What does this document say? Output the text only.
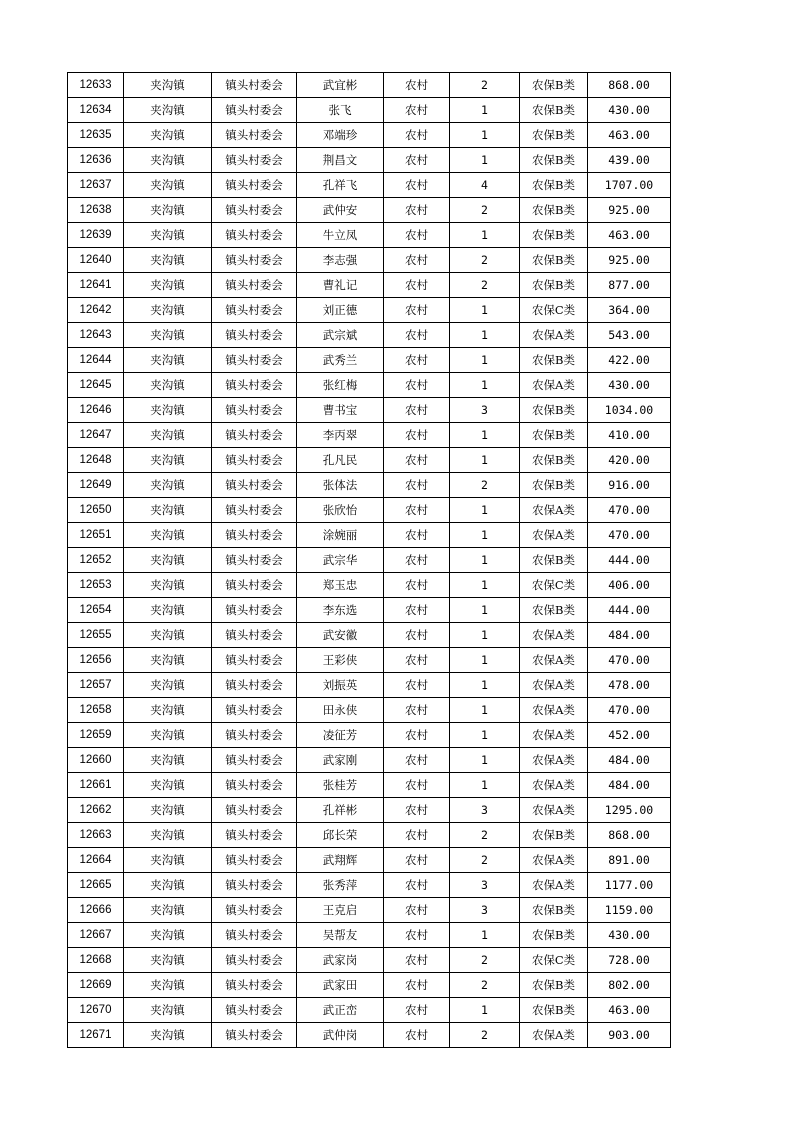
12633	夹沟镇	镇头村委会	武宜彬	农村	2	农保B类	868.00
12634	夹沟镇	镇头村委会	张飞	农村	1	农保B类	430.00
12635	夹沟镇	镇头村委会	邓端珍	农村	1	农保B类	463.00
12636	夹沟镇	镇头村委会	荆昌文	农村	1	农保B类	439.00
12637	夹沟镇	镇头村委会	孔祥飞	农村	4	农保B类	1707.00
12638	夹沟镇	镇头村委会	武仲安	农村	2	农保B类	925.00
12639	夹沟镇	镇头村委会	牛立凤	农村	1	农保B类	463.00
12640	夹沟镇	镇头村委会	李志强	农村	2	农保B类	925.00
12641	夹沟镇	镇头村委会	曹礼记	农村	2	农保B类	877.00
12642	夹沟镇	镇头村委会	刘正德	农村	1	农保C类	364.00
12643	夹沟镇	镇头村委会	武宗斌	农村	1	农保A类	543.00
12644	夹沟镇	镇头村委会	武秀兰	农村	1	农保B类	422.00
12645	夹沟镇	镇头村委会	张红梅	农村	1	农保A类	430.00
12646	夹沟镇	镇头村委会	曹书宝	农村	3	农保B类	1034.00
12647	夹沟镇	镇头村委会	李丙翠	农村	1	农保B类	410.00
12648	夹沟镇	镇头村委会	孔凡民	农村	1	农保B类	420.00
12649	夹沟镇	镇头村委会	张体法	农村	2	农保B类	916.00
12650	夹沟镇	镇头村委会	张欣怡	农村	1	农保A类	470.00
12651	夹沟镇	镇头村委会	涂婉丽	农村	1	农保A类	470.00
12652	夹沟镇	镇头村委会	武宗华	农村	1	农保B类	444.00
12653	夹沟镇	镇头村委会	郑玉忠	农村	1	农保C类	406.00
12654	夹沟镇	镇头村委会	李东选	农村	1	农保B类	444.00
12655	夹沟镇	镇头村委会	武安徽	农村	1	农保A类	484.00
12656	夹沟镇	镇头村委会	王彩侠	农村	1	农保A类	470.00
12657	夹沟镇	镇头村委会	刘振英	农村	1	农保A类	478.00
12658	夹沟镇	镇头村委会	田永侠	农村	1	农保A类	470.00
12659	夹沟镇	镇头村委会	凌征芳	农村	1	农保A类	452.00
12660	夹沟镇	镇头村委会	武家刚	农村	1	农保A类	484.00
12661	夹沟镇	镇头村委会	张桂芳	农村	1	农保A类	484.00
12662	夹沟镇	镇头村委会	孔祥彬	农村	3	农保A类	1295.00
12663	夹沟镇	镇头村委会	邱长荣	农村	2	农保B类	868.00
12664	夹沟镇	镇头村委会	武翔辉	农村	2	农保A类	891.00
12665	夹沟镇	镇头村委会	张秀萍	农村	3	农保A类	1177.00
12666	夹沟镇	镇头村委会	王克启	农村	3	农保B类	1159.00
12667	夹沟镇	镇头村委会	吴帮友	农村	1	农保B类	430.00
12668	夹沟镇	镇头村委会	武家岗	农村	2	农保C类	728.00
12669	夹沟镇	镇头村委会	武家田	农村	2	农保B类	802.00
12670	夹沟镇	镇头村委会	武正峦	农村	1	农保B类	463.00
12671	夹沟镇	镇头村委会	武仲岗	农村	2	农保A类	903.00
